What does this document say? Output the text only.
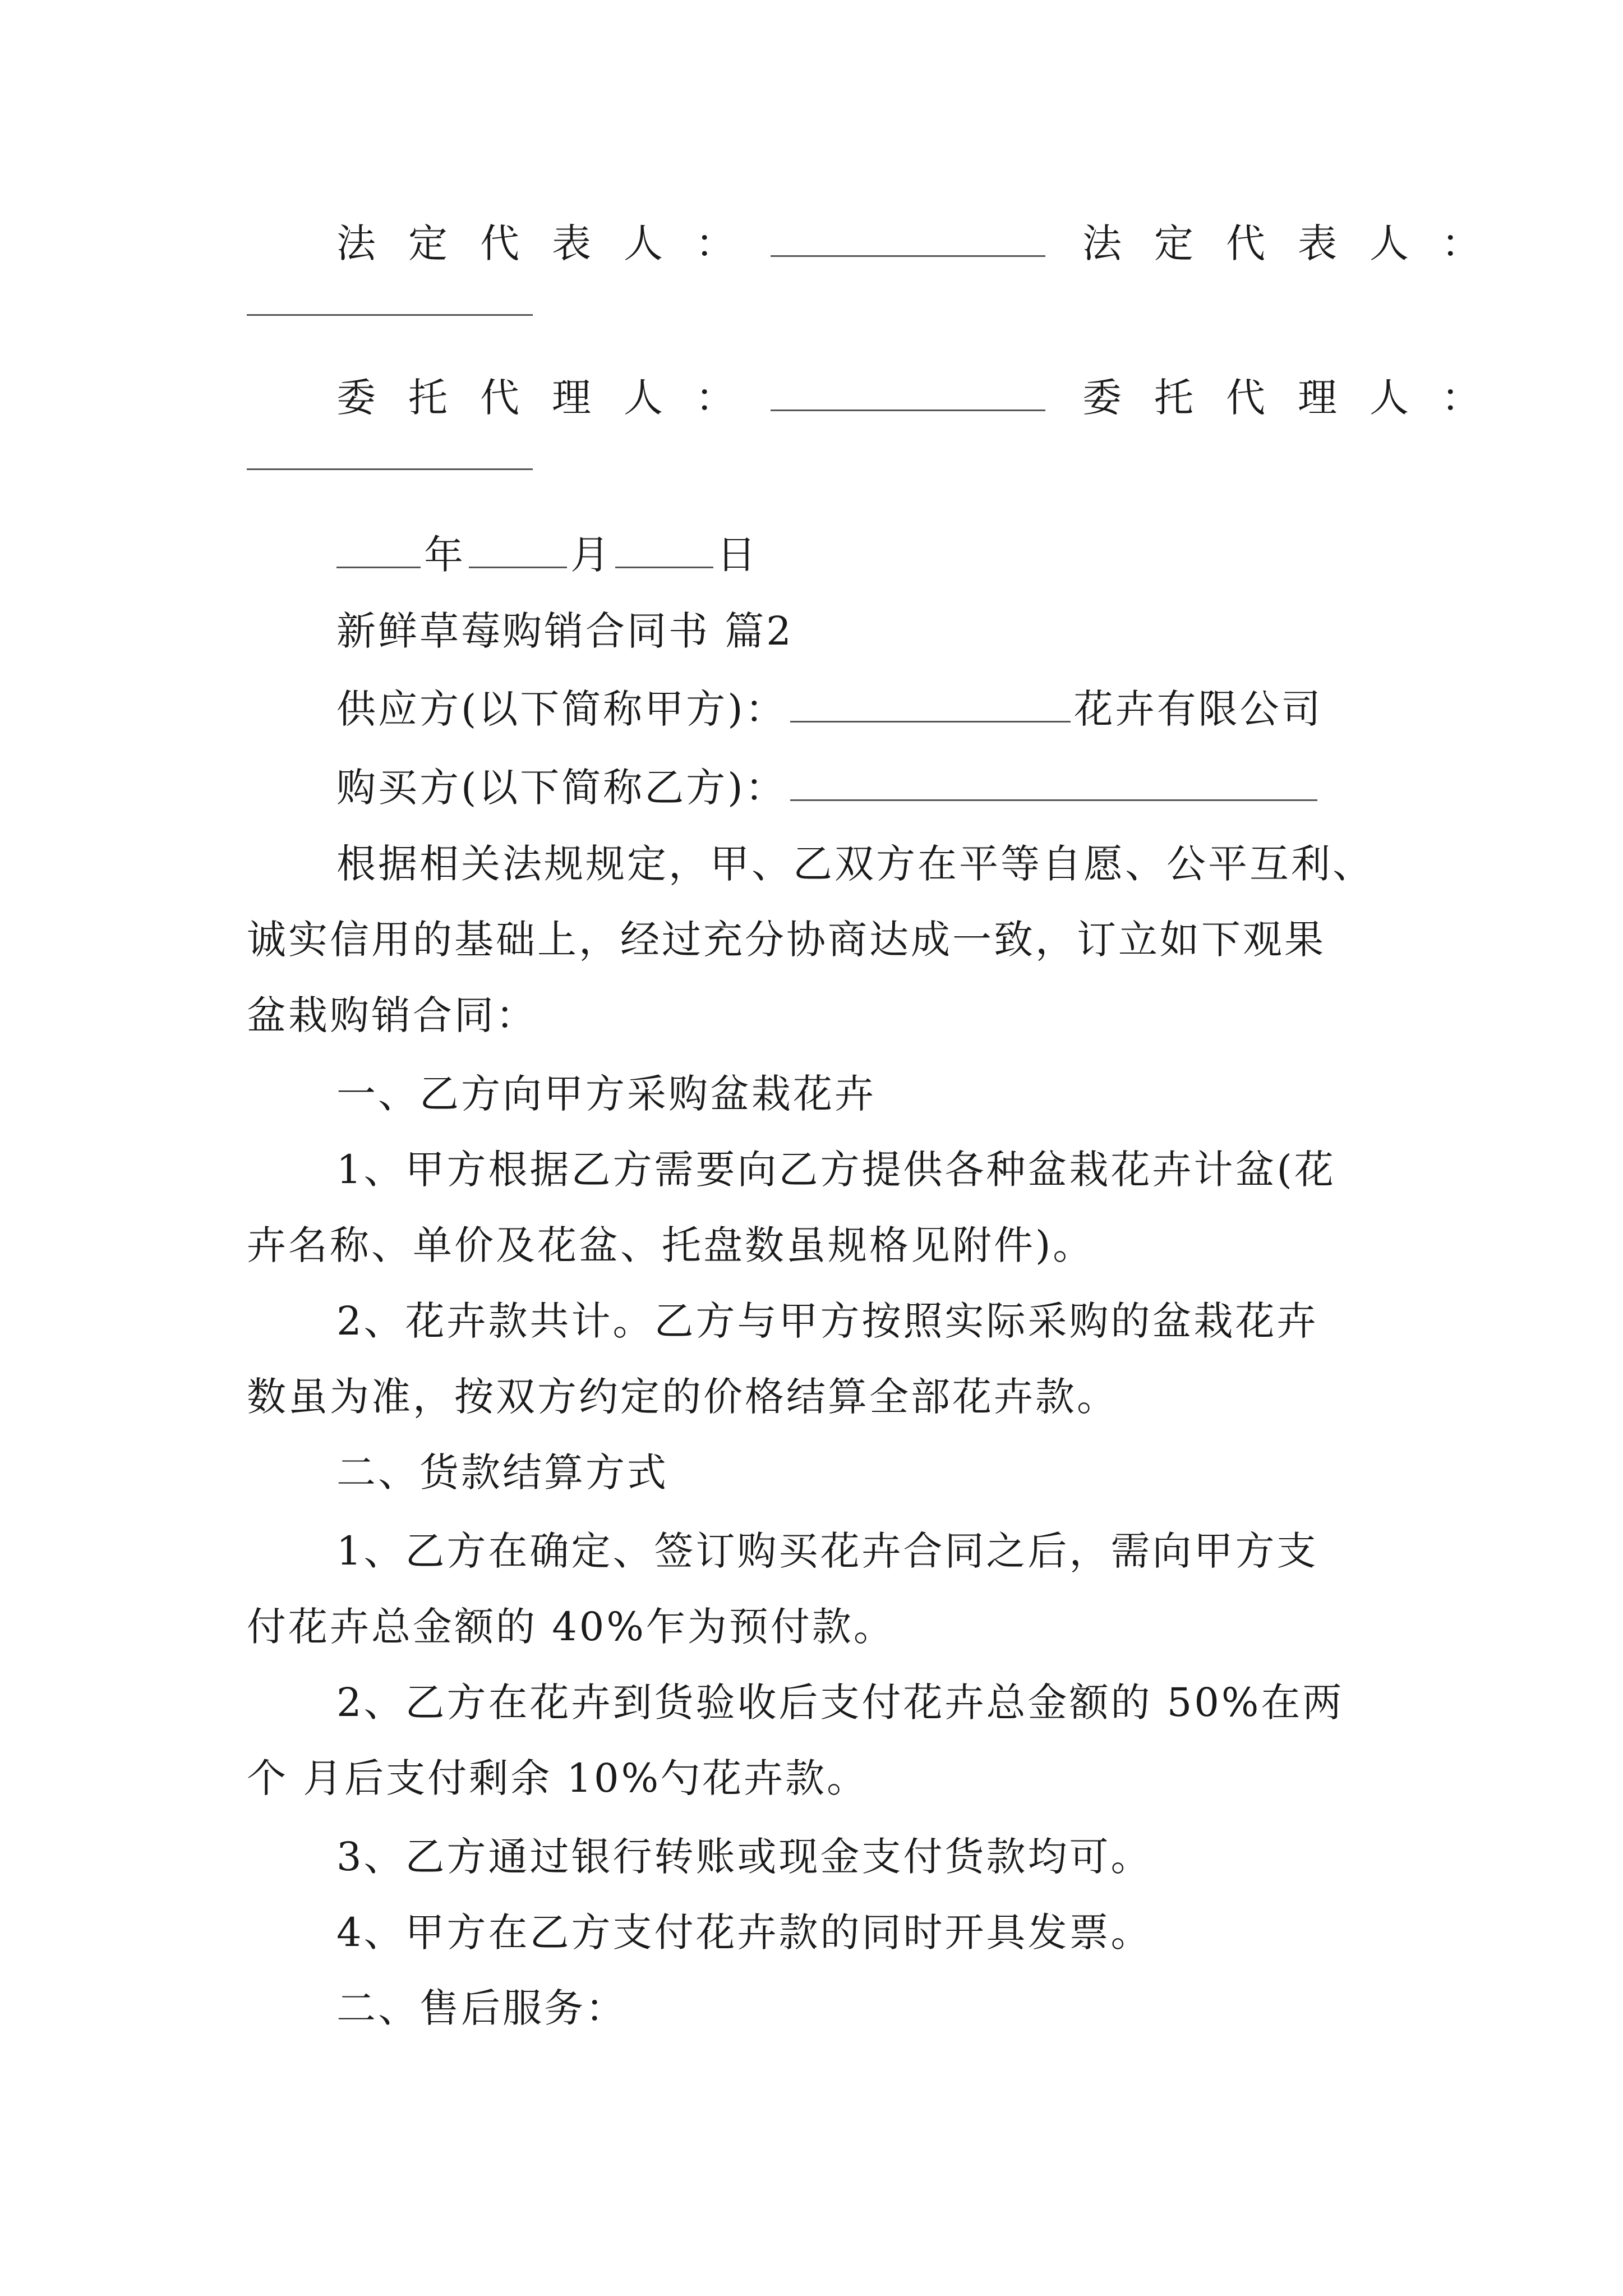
法定代表人：	法定代表人：
委托代理人：	委托代理人：
年	月	日
新鲜草莓购销合同书 篇2
供应方(以下简称甲方)：	花卉有限公司
购买方(以下简称乙方)：
根据相关法规规定，甲、乙双方在平等自愿、公平互利、
诚实信用的基础上，经过充分协商达成一致，订立如下观果
盆栽购销合同：
一、乙方向甲方采购盆栽花卉
1、甲方根据乙方需要向乙方提供各种盆栽花卉计盆(花
卉名称、单价及花盆、托盘数虽规格见附件)。
2、花卉款共计。乙方与甲方按照实际采购的盆栽花卉
数虽为准，按双方约定的价格结算全部花卉款。
二、货款结算方式
1、乙方在确定、签订购买花卉合同之后，需向甲方支
付花卉总金额的 40%乍为预付款。
2、乙方在花卉到货验收后支付花卉总金额的 50%在两
个 月后支付剩余 10%勺花卉款。
3、乙方通过银行转账或现金支付货款均可。
4、甲方在乙方支付花卉款的同时开具发票。
二、售后服务：
